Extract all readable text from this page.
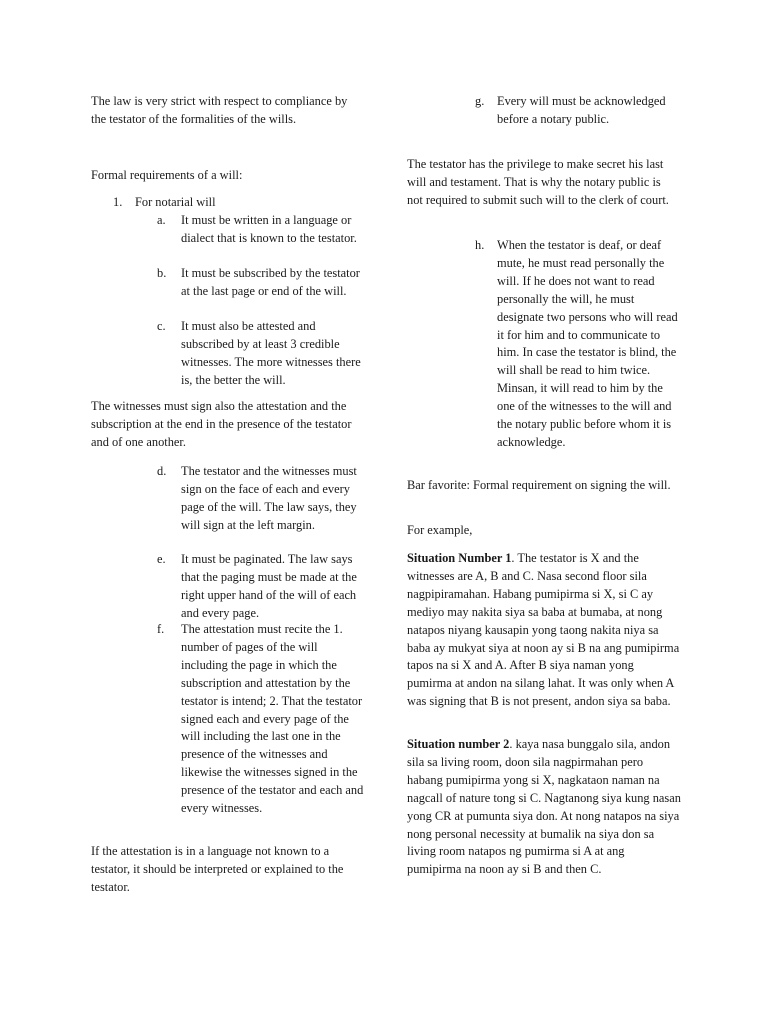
The law is very strict with respect to compliance by the testator of the formalities of the wills.

Formal requirements of a will:

1.	For notarial will
a.	It must be written in a language or dialect that is known to the testator.
b.	It must be subscribed by the testator at the last page or end of the will.
c.	It must also be attested and subscribed by at least 3 credible witnesses. The more witnesses there is, the better the will.

The witnesses must sign also the attestation and the subscription at the end in the presence of the testator and of one another.

d.	The testator and the witnesses must sign on the face of each and every page of the will. The law says, they will sign at the left margin.
e.	It must be paginated. The law says that the paging must be made at the right upper hand of the will of each and every page.
f.	The attestation must recite the 1. number of pages of the will including the page in which the subscription and attestation by the testator is intend; 2. That the testator signed each and every page of the will including the last one in the presence of the witnesses and likewise the witnesses signed in the presence of the testator and each and every witnesses.

If the attestation is in a language not known to a testator, it should be interpreted or explained to the testator.

g.	Every will must be acknowledged before a notary public.

The testator has the privilege to make secret his last will and testament. That is why the notary public is not required to submit such will to the clerk of court.

h.	When the testator is deaf, or deaf mute, he must read personally the will. If he does not want to read personally the will, he must designate two persons who will read it for him and to communicate to him. In case the testator is blind, the will shall be read to him twice. Minsan, it will read to him by the one of the witnesses to the will and the notary public before whom it is acknowledge.

Bar favorite: Formal requirement on signing the will.

For example,

Situation Number 1. The testator is X and the witnesses are A, B and C. Nasa second floor sila nagpipiramahan. Habang pumipirma si X, si C ay mediyo may nakita siya sa baba at bumaba, at nong natapos niyang kausapin yong taong nakita niya sa baba ay mukyat siya at noon ay si B na ang pumipirma tapos na si X and A. After B siya naman yong pumirma at andon na silang lahat. It was only when A was signing that B is not present, andon siya sa baba.

Situation number 2. kaya nasa bunggalo sila, andon sila sa living room, doon sila nagpirmahan pero habang pumipirma yong si X, nagkataon naman na nagcall of nature tong si C. Nagtanong siya kung nasan yong CR at pumunta siya don. At nong natapos na siya nong personal necessity at bumalik na siya don sa living room natapos ng pumirma si A at ang pumipirma na noon ay si B and then C.
